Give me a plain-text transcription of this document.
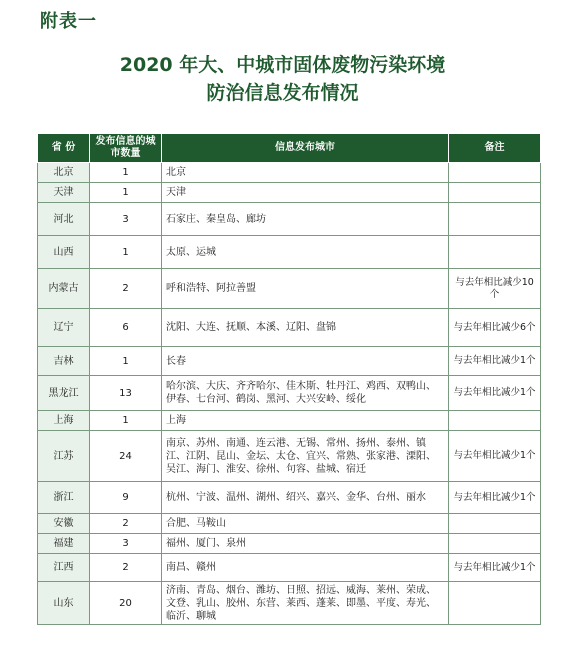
附表一
2020 年大、中城市固体废物污染环境
防治信息发布情况
省 份	发布信息的城市数量	信息发布城市	备注
北京	1	北京	
天津	1	天津	
河北	3	石家庄、秦皇岛、廊坊	
山西	1	太原、运城	
内蒙古	2	呼和浩特、阿拉善盟	与去年相比减少10个
辽宁	6	沈阳、大连、抚顺、本溪、辽阳、盘锦	与去年相比减少6个
吉林	1	长春	与去年相比减少1个
黑龙江	13	哈尔滨、大庆、齐齐哈尔、佳木斯、牡丹江、鸡西、双鸭山、伊春、七台河、鹤岗、黑河、大兴安岭、绥化	与去年相比减少1个
上海	1	上海	
江苏	24	南京、苏州、南通、连云港、无锡、常州、扬州、泰州、镇江、江阴、昆山、金坛、太仓、宜兴、常熟、张家港、溧阳、吴江、海门、淮安、徐州、句容、盐城、宿迁	与去年相比减少1个
浙江	9	杭州、宁波、温州、湖州、绍兴、嘉兴、金华、台州、丽水	与去年相比减少1个
安徽	2	合肥、马鞍山	
福建	3	福州、厦门、泉州	
江西	2	南昌、赣州	与去年相比减少1个
山东	20	济南、青岛、烟台、潍坊、日照、招远、威海、莱州、荣成、文登、乳山、胶州、东营、莱西、蓬莱、即墨、平度、寿光、临沂、聊城	
